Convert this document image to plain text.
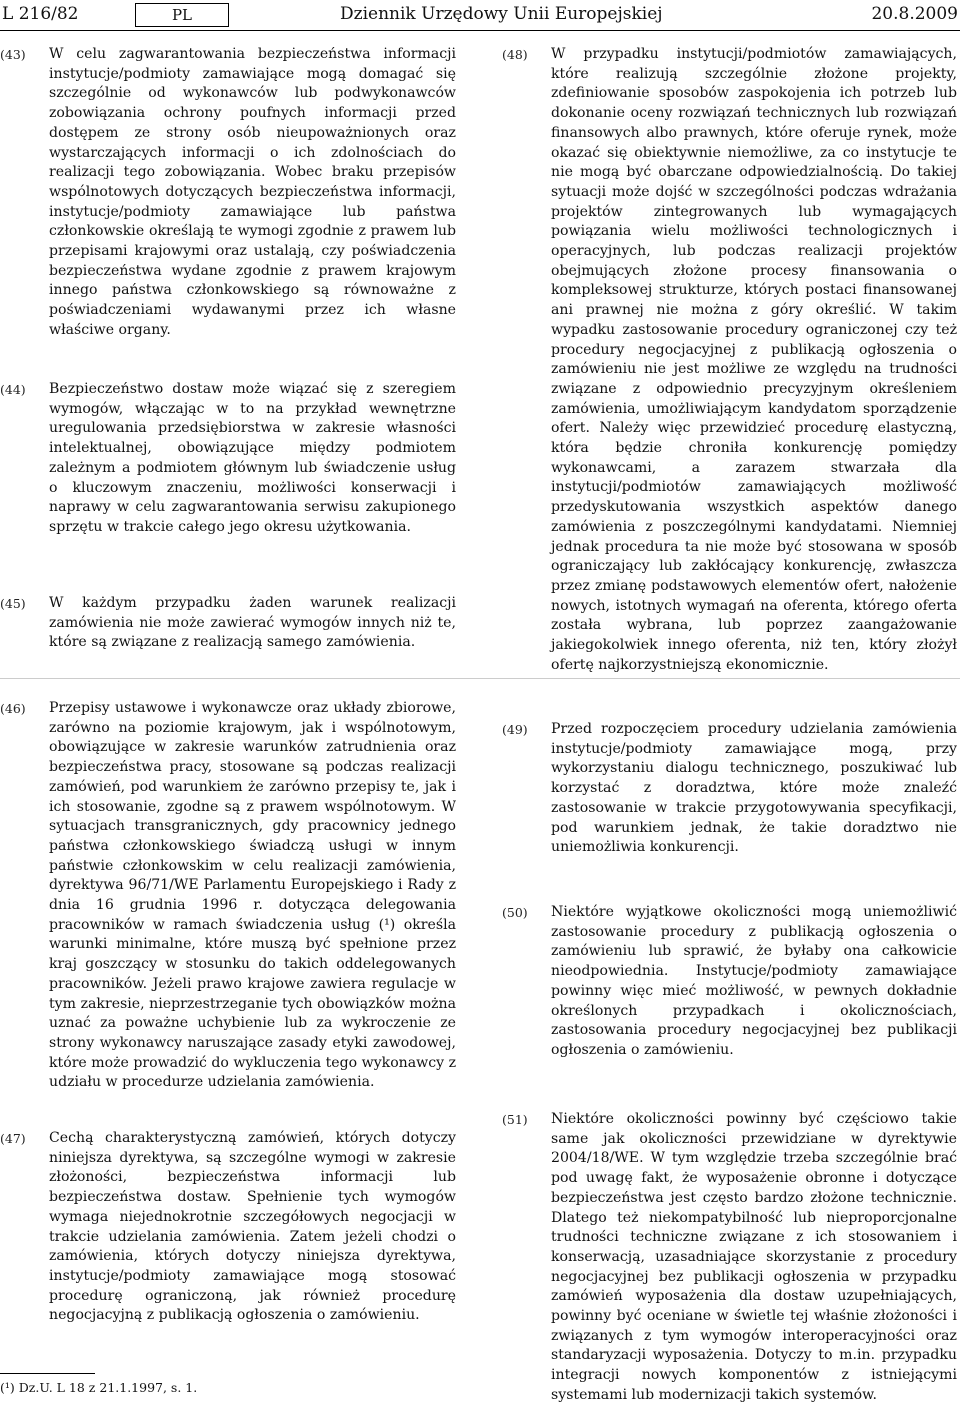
L 216/82	PL	Dziennik Urzędowy Unii Europejskiej	20.8.2009
(43) W celu zagwarantowania bezpieczeństwa informacji instytucje/podmioty zamawiające mogą domagać się szczególnie od wykonawców lub podwykonawców zobowiązania ochrony poufnych informacji przed dostępem ze strony osób nieupoważnionych oraz wystarczających informacji o ich zdolnościach do realizacji tego zobowiązania. Wobec braku przepisów wspólnotowych dotyczących bezpieczeństwa informacji, instytucje/podmioty zamawiające lub państwa członkowskie określają te wymogi zgodnie z prawem lub przepisami krajowymi oraz ustalają, czy poświadczenia bezpieczeństwa wydane zgodnie z prawem krajowym innego państwa członkowskiego są równoważne z poświadczeniami wydawanymi przez ich własne właściwe organy.
(44) Bezpieczeństwo dostaw może wiązać się z szeregiem wymogów, włączając w to na przykład wewnętrzne uregulowania przedsiębiorstwa w zakresie własności intelektualnej, obowiązujące między podmiotem zależnym a podmiotem głównym lub świadczenie usług o kluczowym znaczeniu, możliwości konserwacji i naprawy w celu zagwarantowania serwisu zakupionego sprzętu w trakcie całego jego okresu użytkowania.
(45) W każdym przypadku żaden warunek realizacji zamówienia nie może zawierać wymogów innych niż te, które są związane z realizacją samego zamówienia.
(46) Przepisy ustawowe i wykonawcze oraz układy zbiorowe, zarówno na poziomie krajowym, jak i wspólnotowym, obowiązujące w zakresie warunków zatrudnienia oraz bezpieczeństwa pracy, stosowane są podczas realizacji zamówień, pod warunkiem że zarówno przepisy te, jak i ich stosowanie, zgodne są z prawem wspólnotowym. W sytuacjach transgranicznych, gdy pracownicy jednego państwa członkowskiego świadczą usługi w innym państwie członkowskim w celu realizacji zamówienia, dyrektywa 96/71/WE Parlamentu Europejskiego i Rady z dnia 16 grudnia 1996 r. dotycząca delegowania pracowników w ramach świadczenia usług (¹) określa warunki minimalne, które muszą być spełnione przez kraj goszczący w stosunku do takich oddelegowanych pracowników. Jeżeli prawo krajowe zawiera regulacje w tym zakresie, nieprzestrzeganie tych obowiązków można uznać za poważne uchybienie lub za wykroczenie ze strony wykonawcy naruszające zasady etyki zawodowej, które może prowadzić do wykluczenia tego wykonawcy z udziału w procedurze udzielania zamówienia.
(47) Cechą charakterystyczną zamówień, których dotyczy niniejsza dyrektywa, są szczególne wymogi w zakresie złożoności, bezpieczeństwa informacji lub bezpieczeństwa dostaw. Spełnienie tych wymogów wymaga niejednokrotnie szczegółowych negocjacji w trakcie udzielania zamówienia. Zatem jeżeli chodzi o zamówienia, których dotyczy niniejsza dyrektywa, instytucje/podmioty zamawiające mogą stosować procedurę ograniczoną, jak również procedurę negocjacyjną z publikacją ogłoszenia o zamówieniu.
(48) W przypadku instytucji/podmiotów zamawiających, które realizują szczególnie złożone projekty, zdefiniowanie sposobów zaspokojenia ich potrzeb lub dokonanie oceny rozwiązań technicznych lub rozwiązań finansowych albo prawnych, które oferuje rynek, może okazać się obiektywnie niemożliwe, za co instytucje te nie mogą być obarczane odpowiedzialnością. Do takiej sytuacji może dojść w szczególności podczas wdrażania projektów zintegrowanych lub wymagających powiązania wielu możliwości technologicznych i operacyjnych, lub podczas realizacji projektów obejmujących złożone procesy finansowania o kompleksowej strukturze, których postaci finansowanej ani prawnej nie można z góry określić. W takim wypadku zastosowanie procedury ograniczonej czy też procedury negocjacyjnej z publikacją ogłoszenia o zamówieniu nie jest możliwe ze względu na trudności związane z odpowiednio precyzyjnym określeniem zamówienia, umożliwiającym kandydatom sporządzenie ofert. Należy więc przewidzieć procedurę elastyczną, która będzie chroniła konkurencję pomiędzy wykonawcami, a zarazem stwarzała dla instytucji/podmiotów zamawiających możliwość przedyskutowania wszystkich aspektów danego zamówienia z poszczególnymi kandydatami. Niemniej jednak procedura ta nie może być stosowana w sposób ograniczający lub zakłócający konkurencję, zwłaszcza przez zmianę podstawowych elementów ofert, nałożenie nowych, istotnych wymagań na oferenta, którego oferta została wybrana, lub poprzez zaangażowanie jakiegokolwiek innego oferenta, niż ten, który złożył ofertę najkorzystniejszą ekonomicznie.
(49) Przed rozpoczęciem procedury udzielania zamówienia instytucje/podmioty zamawiające mogą, przy wykorzystaniu dialogu technicznego, poszukiwać lub korzystać z doradztwa, które może znaleźć zastosowanie w trakcie przygotowywania specyfikacji, pod warunkiem jednak, że takie doradztwo nie uniemożliwia konkurencji.
(50) Niektóre wyjątkowe okoliczności mogą uniemożliwić zastosowanie procedury z publikacją ogłoszenia o zamówieniu lub sprawić, że byłaby ona całkowicie nieodpowiednia. Instytucje/podmioty zamawiające powinny więc mieć możliwość, w pewnych dokładnie określonych przypadkach i okolicznościach, zastosowania procedury negocjacyjnej bez publikacji ogłoszenia o zamówieniu.
(51) Niektóre okoliczności powinny być częściowo takie same jak okoliczności przewidziane w dyrektywie 2004/18/WE. W tym względzie trzeba szczególnie brać pod uwagę fakt, że wyposażenie obronne i dotyczące bezpieczeństwa jest często bardzo złożone technicznie. Dlatego też niekompatybilność lub nieproporcjonalne trudności techniczne związane z ich stosowaniem i konserwacją, uzasadniające skorzystanie z procedury negocjacyjnej bez publikacji ogłoszenia w przypadku zamówień wyposażenia dla dostaw uzupełniających, powinny być oceniane w świetle tej właśnie złożoności i związanych z tym wymogów interoperacyjności oraz standaryzacji wyposażenia. Dotyczy to m.in. przypadku integracji nowych komponentów z istniejącymi systemami lub modernizacji takich systemów.
(¹) Dz.U. L 18 z 21.1.1997, s. 1.
